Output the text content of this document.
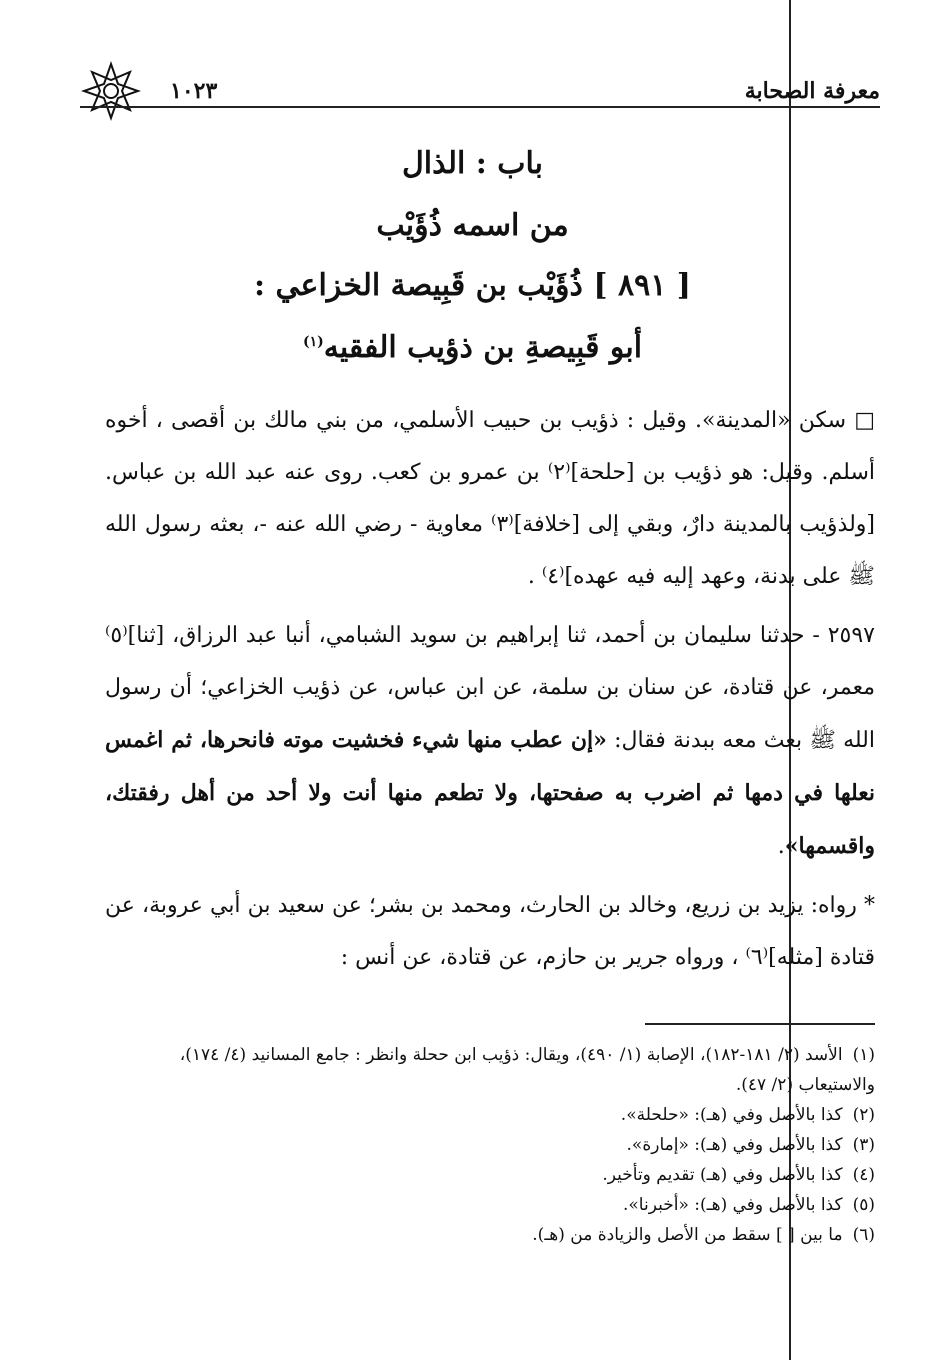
معرفة الصحابة
١٠٢٣
باب : الذال
من اسمه ذُؤَيْب
[ ٨٩١ ] ذُؤَيْب بن قَبِيصة الخزاعي :
أبو قَبِيصةِ بن ذؤيب الفقيه$^{(١)}$
□ سكن «المدينة». وقيل : ذؤيب بن حبيب الأسلمي، من بني مالك بن أقصى ، أخوه أسلم. وقيل: هو ذؤيب بن [حلحة]⁽٢⁾ بن عمرو بن كعب. روى عنه عبد الله بن عباس. [ولذؤيب بالمدينة دارٌ، وبقي إلى [خلافة]⁽٣⁾ معاوية - رضي الله عنه -، بعثه رسول الله ﷺ على بدنة، وعهد إليه فيه عهده]⁽٤⁾ .
٢٥٩٧ - حدثنا سليمان بن أحمد، ثنا إبراهيم بن سويد الشبامي، أنبا عبد الرزاق، [ثنا]⁽٥⁾ معمر، عن قتادة، عن سنان بن سلمة، عن ابن عباس، عن ذؤيب الخزاعي؛ أن رسول الله ﷺ بعث معه ببدنة فقال: «إن عطب منها شيء فخشيت موته فانحرها، ثم اغمس نعلها في دمها ثم اضرب به صفحتها، ولا تطعم منها أنت ولا أحد من أهل رفقتك، واقسمها».
* رواه: يزيد بن زريع، وخالد بن الحارث، ومحمد بن بشر؛ عن سعيد بن أبي عروبة، عن قتادة [مثله]⁽٦⁾ ، ورواه جرير بن حازم، عن قتادة، عن أنس :

(١)الأسد (٢/ ١٨١-١٨٢)، الإصابة (١/ ٤٩٠)، ويقال: ذؤيب ابن ححلة وانظر : جامع المسانيد (٤/ ١٧٤)، والاستيعاب (٢/ ٤٧).

(٢)كذا بالأصل وفي (هـ): «حلحلة».

(٣)كذا بالأصل وفي (هـ): «إمارة».

(٤)كذا بالأصل وفي (هـ) تقديم وتأخير.

(٥)كذا بالأصل وفي (هـ): «أخبرنا».

(٦)ما بين [ ] سقط من الأصل والزيادة من (هـ).
